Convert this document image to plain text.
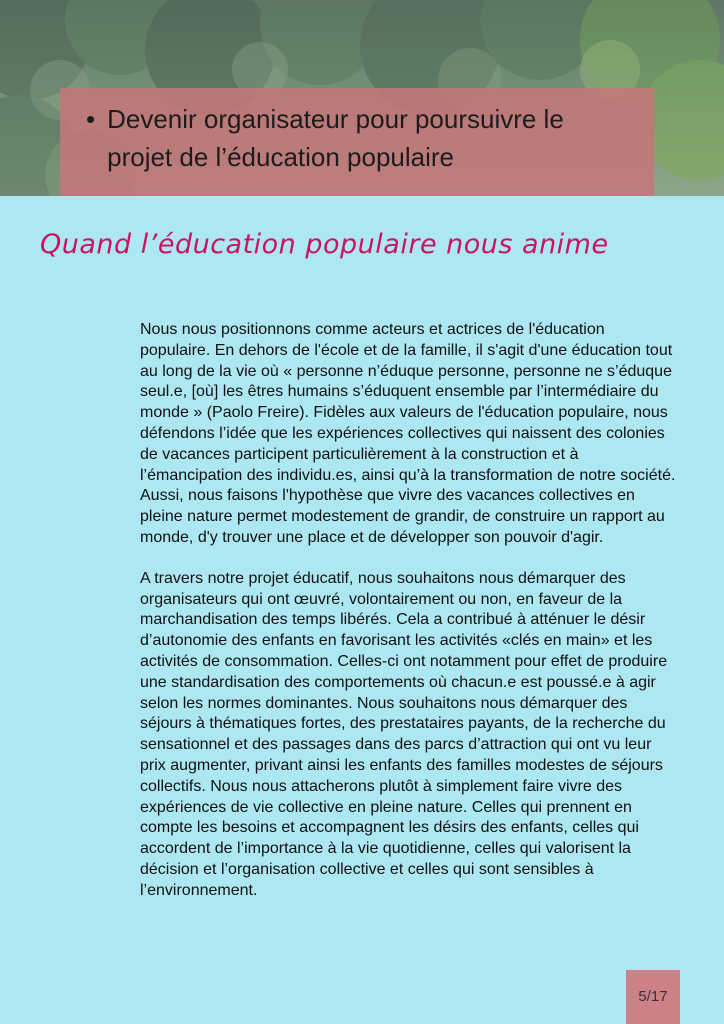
• Devenir organisateur pour poursuivre le projet de l’éducation populaire
Quand l’éducation populaire nous anime

Nous nous positionnons comme acteurs et actrices de l'éducation populaire. En dehors de l'école et de la famille, il s'agit d'une éducation tout au long de la vie où « personne n’éduque personne, personne ne s’éduque seul.e, [où] les êtres humains s’éduquent ensemble par l’intermédiaire du monde » (Paolo Freire). Fidèles aux valeurs de l'éducation populaire, nous défendons l’idée que les expériences collectives qui naissent des colonies de vacances participent particulièrement à la construction et à l’émancipation des individu.es, ainsi qu’à la transformation de notre société. Aussi, nous faisons l'hypothèse que vivre des vacances collectives en pleine nature permet modestement de grandir, de construire un rapport au monde, d'y trouver une place et de développer son pouvoir d'agir.

A travers notre projet éducatif, nous souhaitons nous démarquer des organisateurs qui ont œuvré, volontairement ou non, en faveur de la marchandisation des temps libérés. Cela a contribué à atténuer le désir d’autonomie des enfants en favorisant les activités «clés en main» et les activités de consommation. Celles-ci ont notamment pour effet de produire une standardisation des comportements où chacun.e est poussé.e à agir selon les normes dominantes. Nous souhaitons nous démarquer des séjours à thématiques fortes, des prestataires payants, de la recherche du sensationnel et des passages dans des parcs d’attraction qui ont vu leur prix augmenter, privant ainsi les enfants des familles modestes de séjours collectifs. Nous nous attacherons plutôt à simplement faire vivre des expériences de vie collective en pleine nature. Celles qui prennent en compte les besoins et accompagnent les désirs des enfants, celles qui accordent de l’importance à la vie quotidienne, celles qui valorisent la décision et l’organisation collective et celles qui sont sensibles à l’environnement.

5/17
